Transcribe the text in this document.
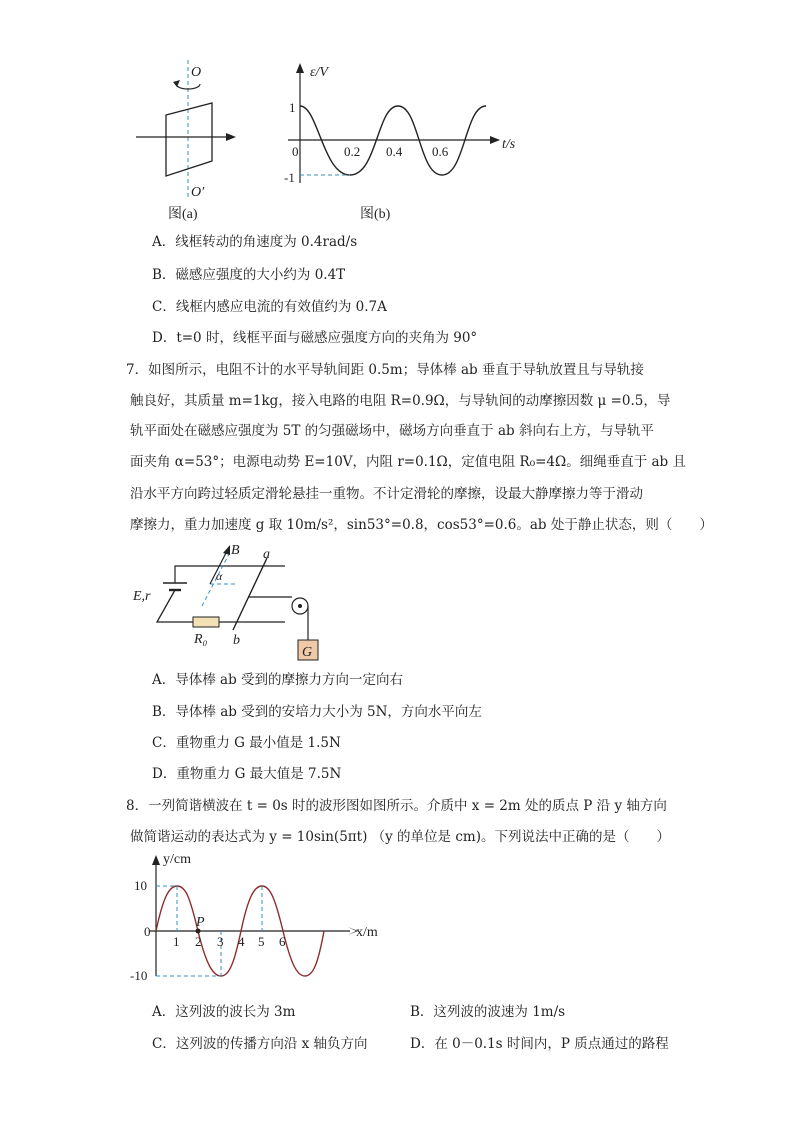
O
O′
图(a)
ε/V
t/s
1
-1
0	0.2 0.4 0.6
图(b)
A．线框转动的角速度为 0.4rad/s
B．磁感应强度的大小约为 0.4T
C．线框内感应电流的有效值约为 0.7A
D．t=0 时，线框平面与磁感应强度方向的夹角为 90°
7．如图所示，电阻不计的水平导轨间距 0.5m；导体棒 ab 垂直于导轨放置且与导轨接
触良好，其质量 m=1kg，接入电路的电阻 R=0.9Ω，与导轨间的动摩擦因数 μ =0.5，导
轨平面处在磁感应强度为 5T 的匀强磁场中，磁场方向垂直于 ab 斜向右上方，与导轨平
面夹角 α=53°；电源电动势 E=10V，内阻 r=0.1Ω，定值电阻 R₀=4Ω。细绳垂直于 ab 且
沿水平方向跨过轻质定滑轮悬挂一重物。不计定滑轮的摩擦，设最大静摩擦力等于滑动
摩擦力，重力加速度 g 取 10m/s²，sin53°=0.8，cos53°=0.6。ab 处于静止状态，则（　　）
B a
α
E,r
R₀ b
G
A．导体棒 ab 受到的摩擦力方向一定向右
B．导体棒 ab 受到的安培力大小为 5N，方向水平向左
C．重物重力 G 最小值是 1.5N
D．重物重力 G 最大值是 7.5N
8．一列简谐横波在 t = 0s 时的波形图如图所示。介质中 x = 2m 处的质点 P 沿 y 轴方向
做简谐运动的表达式为 y = 10sin(5πt) （y 的单位是 cm)。下列说法中正确的是（　　）
y/cm
x/m
10
-10
0
1 2 3 4 5 6
P
A．这列波的波长为 3m	B．这列波的波速为 1m/s
C．这列波的传播方向沿 x 轴负方向	D．在 0－0.1s 时间内，P 质点通过的路程
